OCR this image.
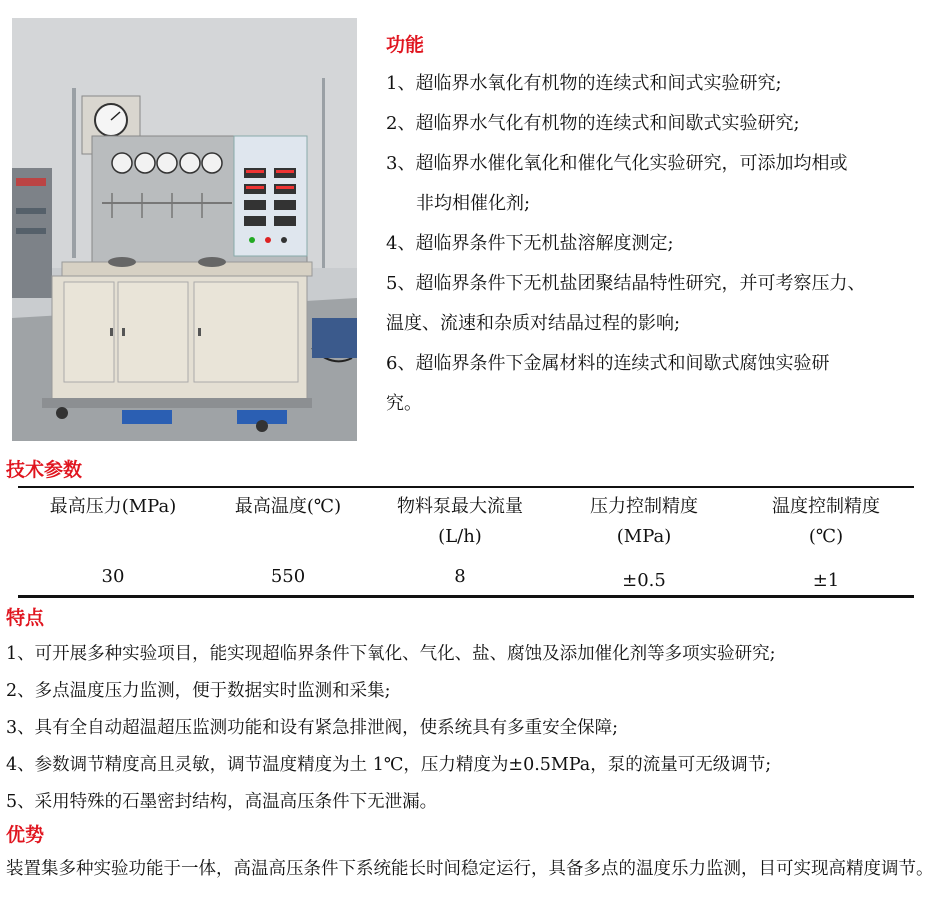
功能
1、超临界水氧化有机物的连续式和间式实验研究;
2、超临界水气化有机物的连续式和间歇式实验研究;
3、超临界水催化氧化和催化气化实验研究，可添加均相或
非均相催化剂;
4、超临界条件下无机盐溶解度测定;
5、超临界条件下无机盐团聚结晶特性研究，并可考察压力、
温度、流速和杂质对结晶过程的影响;
6、超临界条件下金属材料的连续式和间歇式腐蚀实验研
究。
技术参数
最高压力(MPa)
30
最高温度(℃)
550
物料泵最大流量
(L/h)
8
压力控制精度
(MPa)
±0.5
温度控制精度
(℃)
±1
特点
1、可开展多种实验项目，能实现超临界条件下氧化、气化、盐、腐蚀及添加催化剂等多项实验研究;
2、多点温度压力监测，便于数据实时监测和采集;
3、具有全自动超温超压监测功能和设有紧急排泄阀，使系统具有多重安全保障;
4、参数调节精度高且灵敏，调节温度精度为土 1℃，压力精度为±0.5MPa，泵的流量可无级调节;
5、采用特殊的石墨密封结构，高温高压条件下无泄漏。
优势

装置集多种实验功能于一体，高温高压条件下系统能长时间稳定运行，具备多点的温度乐力监测，目可实现高精度调节。
